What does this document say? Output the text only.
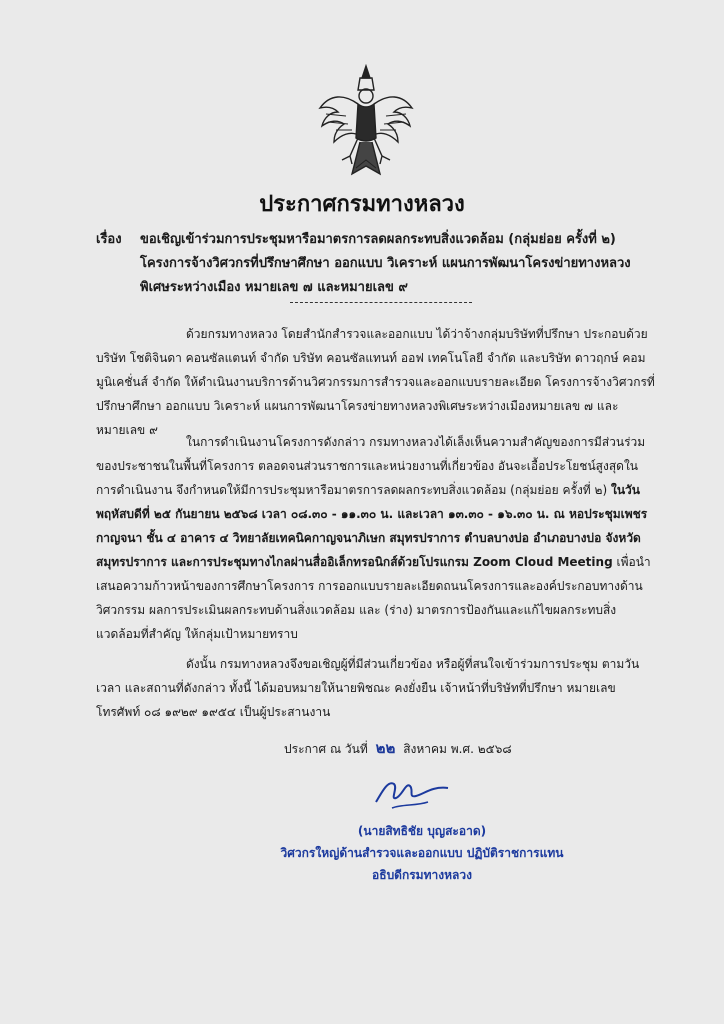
ประกาศกรมทางหลวง
เรื่อง ขอเชิญเข้าร่วมการประชุมหารือมาตรการลดผลกระทบสิ่งแวดล้อม (กลุ่มย่อย ครั้งที่ ๒) โครงการจ้างวิศวกรที่ปรึกษาศึกษา ออกแบบ วิเคราะห์ แผนการพัฒนาโครงข่ายทางหลวงพิเศษระหว่างเมือง หมายเลข ๗ และหมายเลข ๙
ด้วยกรมทางหลวง โดยสำนักสำรวจและออกแบบ ได้ว่าจ้างกลุ่มบริษัทที่ปรึกษา ประกอบด้วย บริษัท โชติจินดา คอนซัลแตนท์ จำกัด บริษัท คอนซัลแทนท์ ออฟ เทคโนโลยี จำกัด และบริษัท ดาวฤกษ์ คอมมูนิเคชั่นส์ จำกัด ให้ดำเนินงานบริการด้านวิศวกรรมการสำรวจและออกแบบรายละเอียด โครงการจ้างวิศวกรที่ปรึกษาศึกษา ออกแบบ วิเคราะห์ แผนการพัฒนาโครงข่ายทางหลวงพิเศษระหว่างเมืองหมายเลข ๗ และหมายเลข ๙
ในการดำเนินงานโครงการดังกล่าว กรมทางหลวงได้เล็งเห็นความสำคัญของการมีส่วนร่วมของประชาชนในพื้นที่โครงการ ตลอดจนส่วนราชการและหน่วยงานที่เกี่ยวข้อง อันจะเอื้อประโยชน์สูงสุดในการดำเนินงาน จึงกำหนดให้มีการประชุมหารือมาตรการลดผลกระทบสิ่งแวดล้อม (กลุ่มย่อย ครั้งที่ ๒) ในวันพฤหัสบดีที่ ๒๕ กันยายน ๒๕๖๘ เวลา ๐๘.๓๐ - ๑๑.๓๐ น. และเวลา ๑๓.๓๐ - ๑๖.๓๐ น. ณ หอประชุมเพชรกาญจนา ชั้น ๔ อาคาร ๔ วิทยาลัยเทคนิคกาญจนาภิเษก สมุทรปราการ ตำบลบางบ่อ อำเภอบางบ่อ จังหวัดสมุทรปราการ และการประชุมทางไกลผ่านสื่ออิเล็กทรอนิกส์ด้วยโปรแกรม Zoom Cloud Meeting เพื่อนำเสนอความก้าวหน้าของการศึกษาโครงการ การออกแบบรายละเอียดถนนโครงการและองค์ประกอบทางด้านวิศวกรรม ผลการประเมินผลกระทบด้านสิ่งแวดล้อม และ (ร่าง) มาตรการป้องกันและแก้ไขผลกระทบสิ่งแวดล้อมที่สำคัญ ให้กลุ่มเป้าหมายทราบ
ดังนั้น กรมทางหลวงจึงขอเชิญผู้ที่มีส่วนเกี่ยวข้อง หรือผู้ที่สนใจเข้าร่วมการประชุม ตามวัน เวลา และสถานที่ดังกล่าว ทั้งนี้ ได้มอบหมายให้นายพิชณะ คงยั่งยืน เจ้าหน้าที่บริษัทที่ปรึกษา หมายเลขโทรศัพท์ ๐๘ ๑๙๒๙ ๑๙๕๔ เป็นผู้ประสานงาน
ประกาศ ณ วันที่ ๒๒ สิงหาคม พ.ศ. ๒๕๖๘
(นายสิทธิชัย บุญสะอาด)
วิศวกรใหญ่ด้านสำรวจและออกแบบ ปฏิบัติราชการแทน
อธิบดีกรมทางหลวง
